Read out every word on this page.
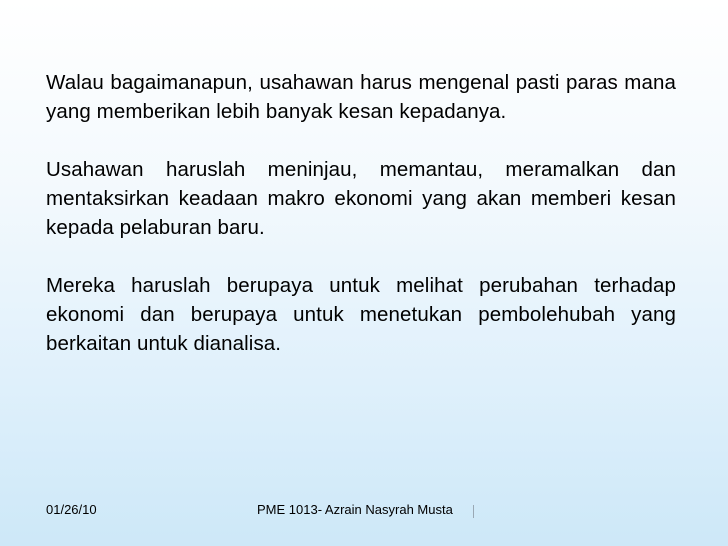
Walau bagaimanapun, usahawan harus mengenal pasti paras mana yang memberikan lebih banyak kesan kepadanya.

Usahawan haruslah meninjau, memantau, meramalkan dan mentaksirkan keadaan makro ekonomi yang akan memberi kesan kepada pelaburan baru.

Mereka haruslah berupaya untuk melihat perubahan terhadap ekonomi dan berupaya untuk menetukan pembolehubah yang berkaitan untuk dianalisa.

01/26/10	PME 1013- Azrain Nasyrah Musta
